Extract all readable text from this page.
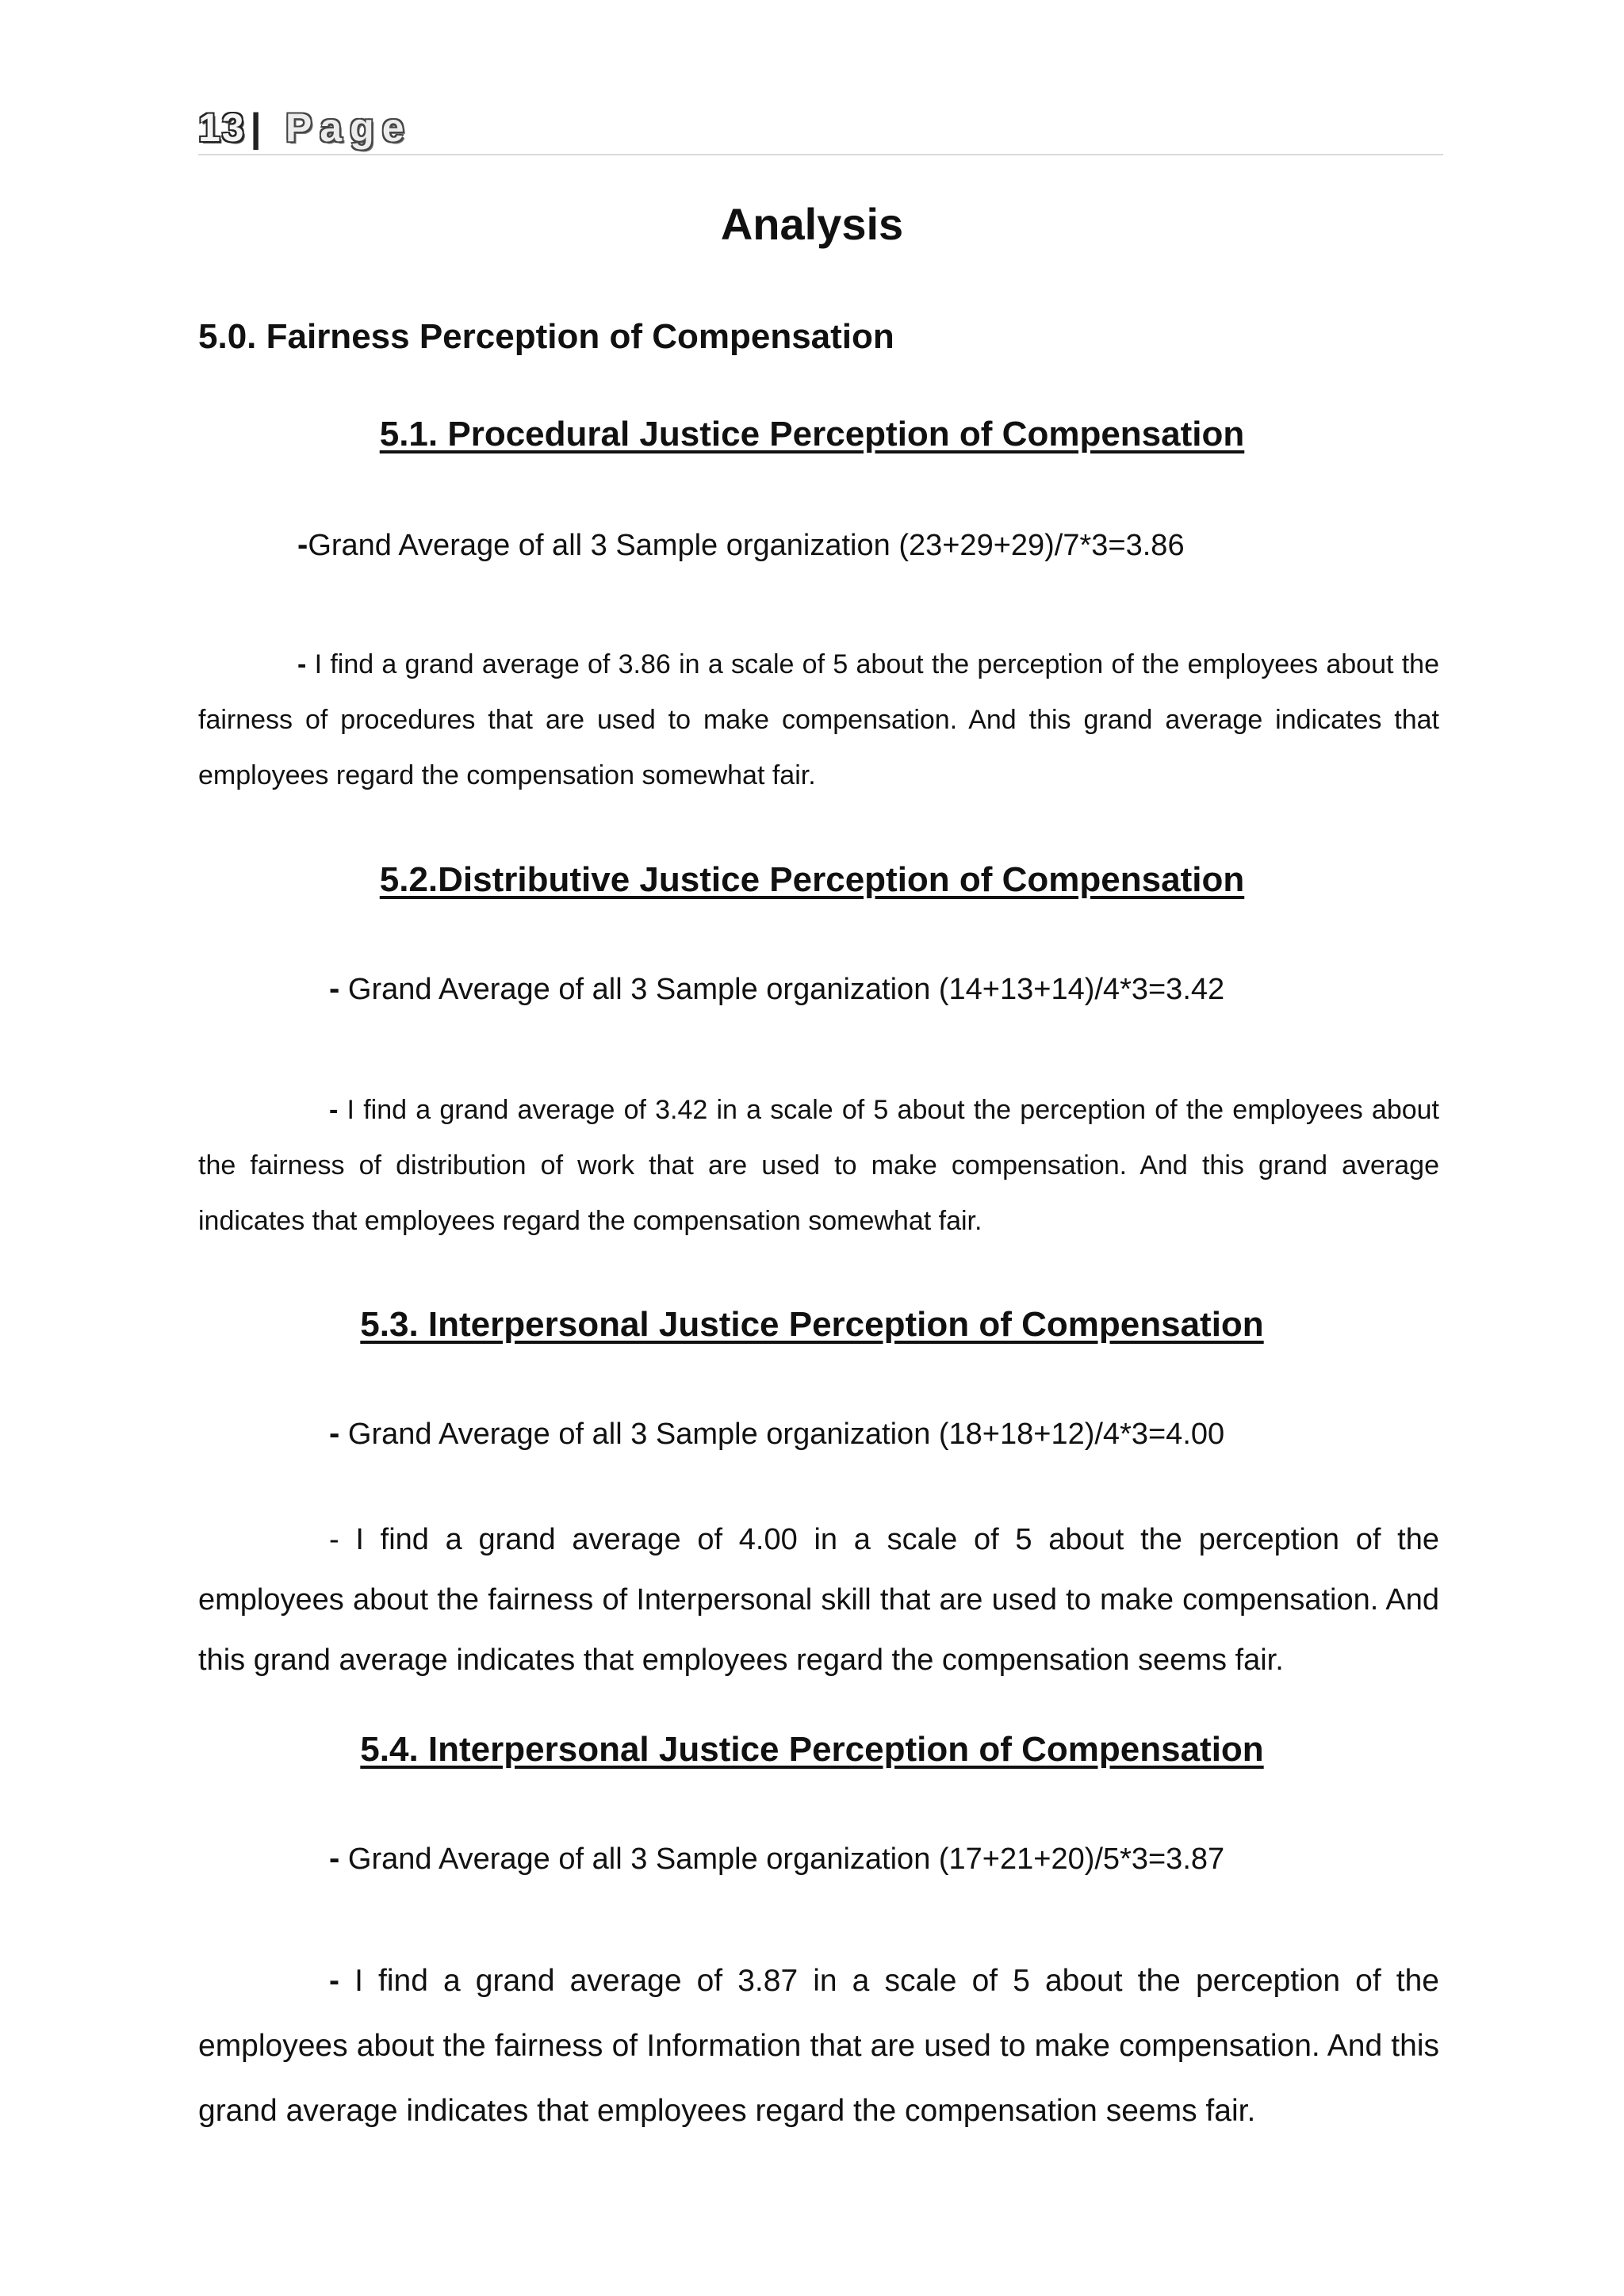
13 | Page
Analysis
5.0. Fairness Perception of Compensation
5.1. Procedural Justice Perception of Compensation
-Grand Average of all 3 Sample organization (23+29+29)/7*3=3.86
- I find a grand average of 3.86 in a scale of 5 about the perception of the employees about the fairness of procedures that are used to make compensation. And this grand average indicates that employees regard the compensation somewhat fair.
5.2.Distributive Justice Perception of Compensation
- Grand Average of all 3 Sample organization (14+13+14)/4*3=3.42
- I find a grand average of 3.42 in a scale of 5 about the perception of the employees about the fairness of distribution of work that are used to make compensation. And this grand average indicates that employees regard the compensation somewhat fair.
5.3. Interpersonal Justice Perception of Compensation
- Grand Average of all 3 Sample organization (18+18+12)/4*3=4.00
- I find a grand average of 4.00 in a scale of 5 about the perception of the employees about the fairness of Interpersonal skill that are used to make compensation. And this grand average indicates that employees regard the compensation seems fair.
5.4. Interpersonal Justice Perception of Compensation
- Grand Average of all 3 Sample organization (17+21+20)/5*3=3.87
- I find a grand average of 3.87 in a scale of 5 about the perception of the employees about the fairness of Information that are used to make compensation. And this grand average indicates that employees regard the compensation seems fair.
